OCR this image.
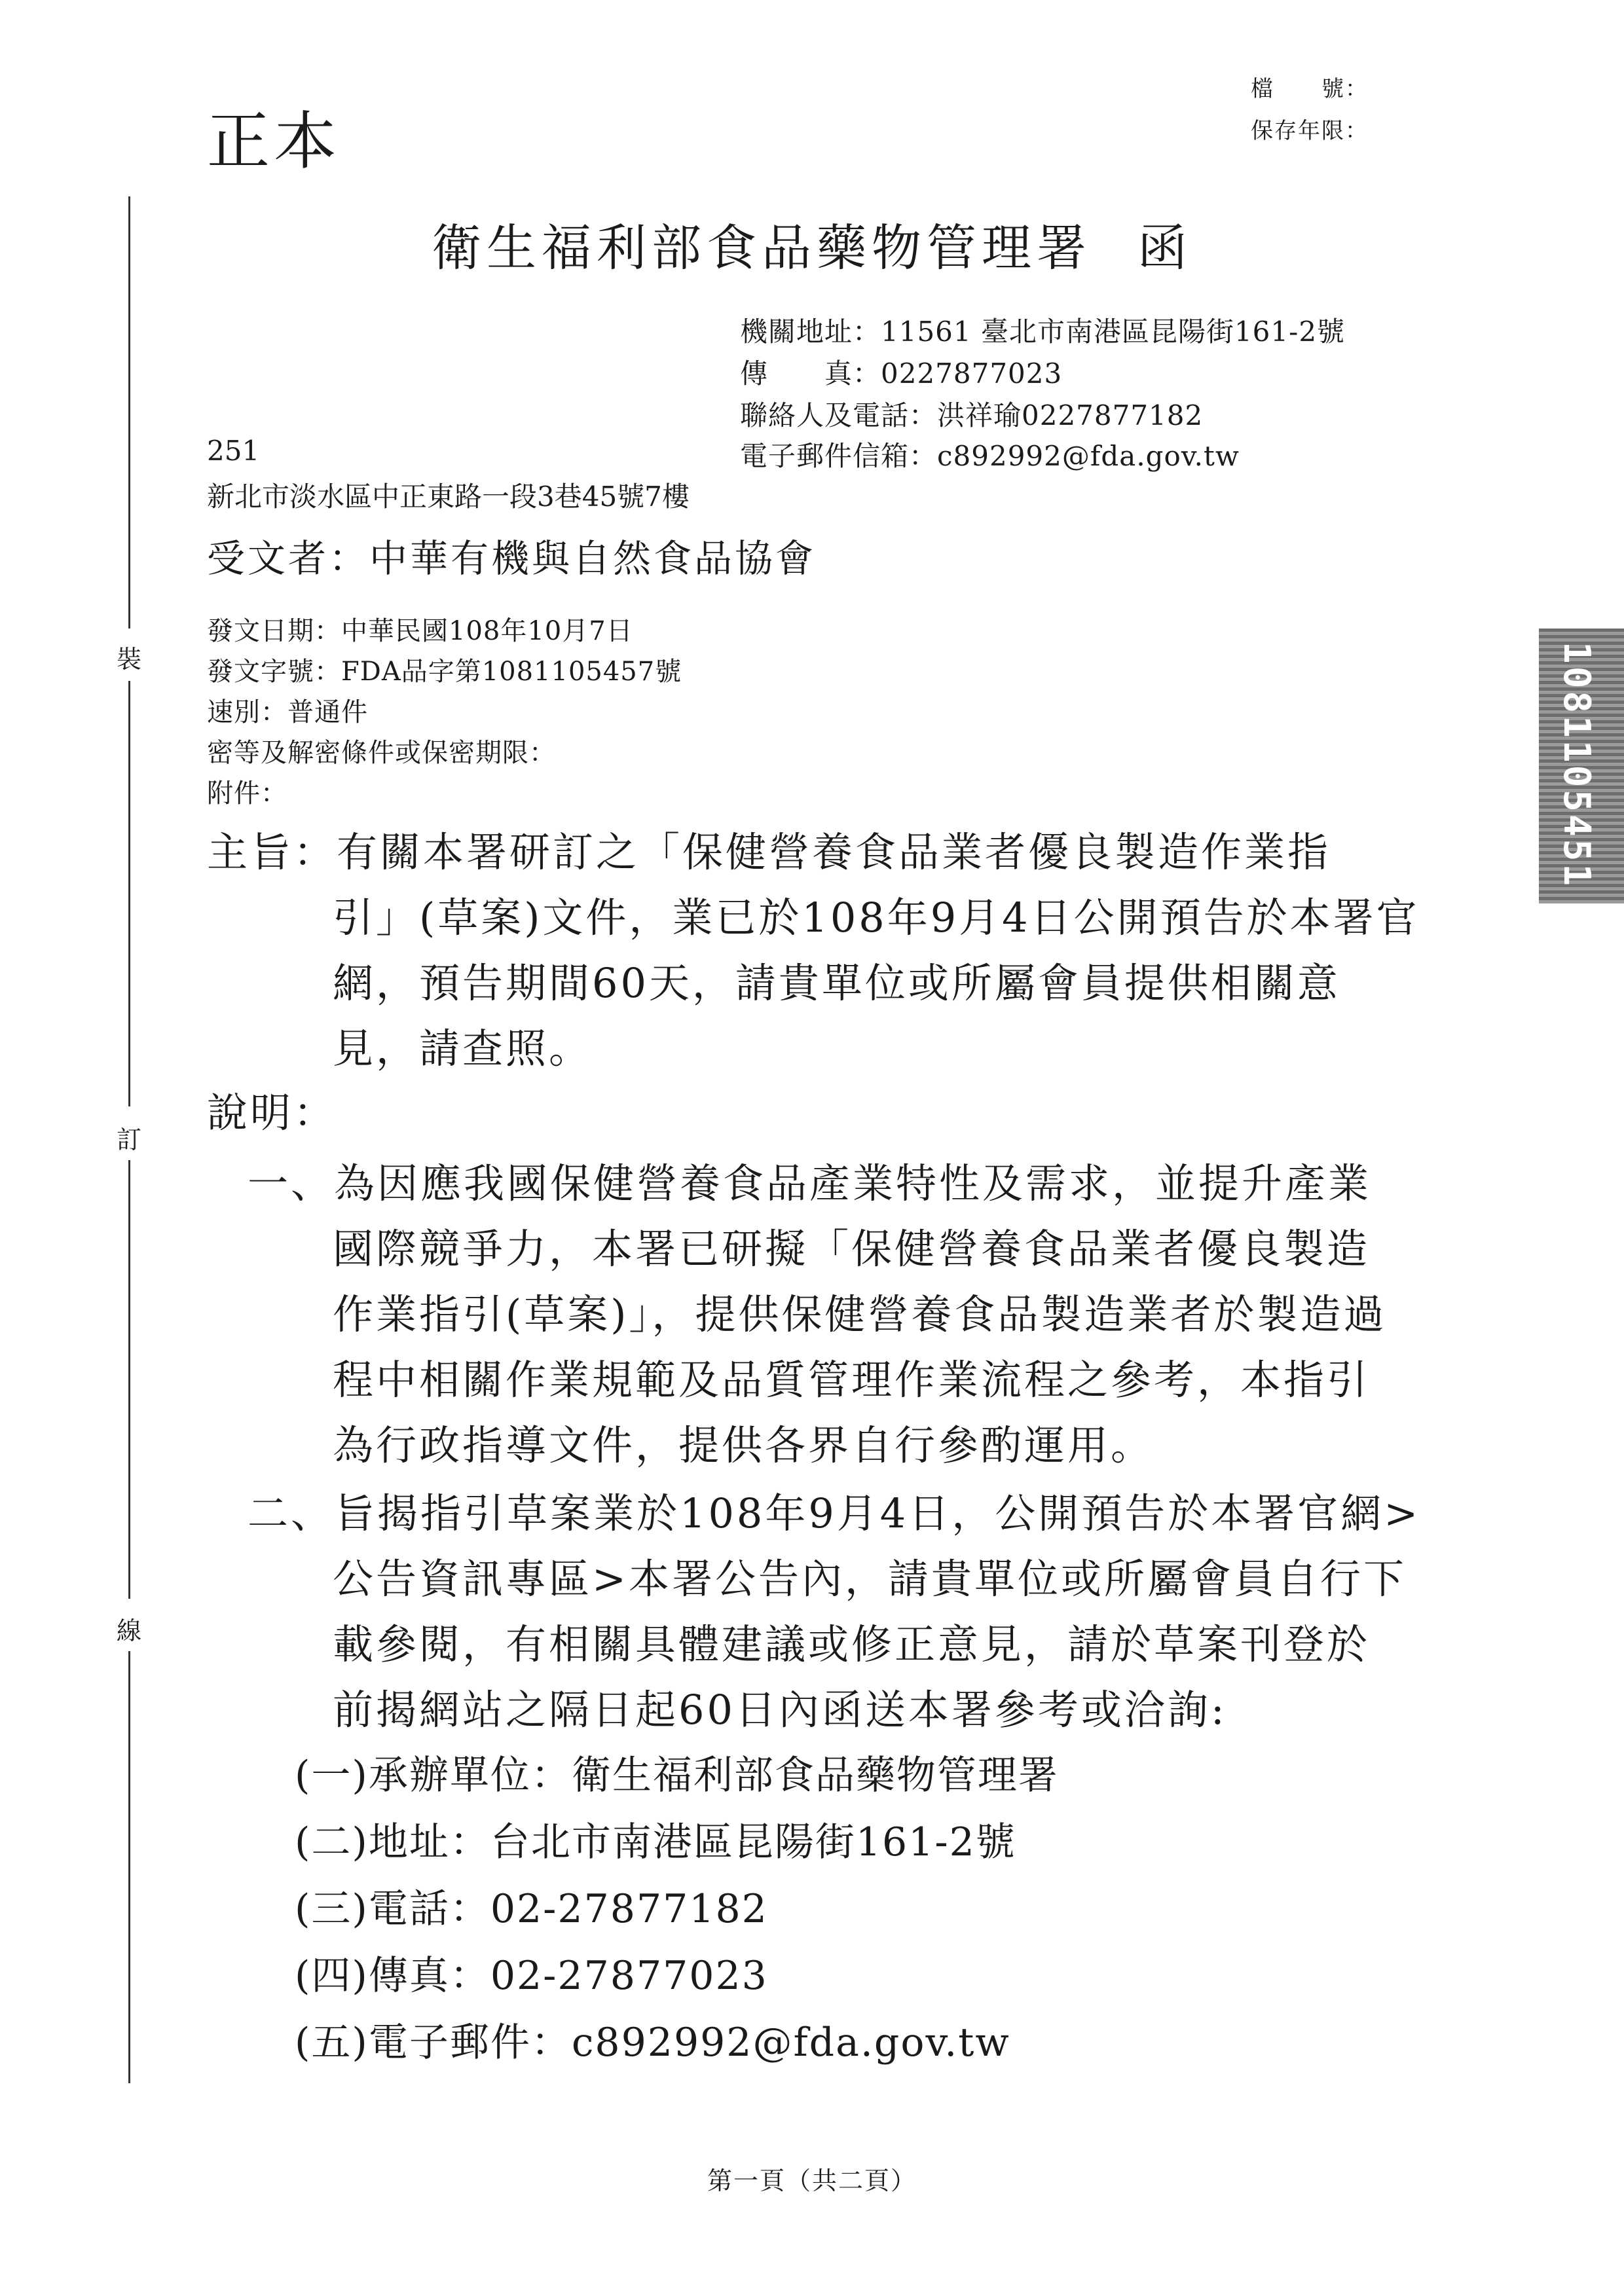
正本
檔　　號：
保存年限：
衛生福利部食品藥物管理署 函
機關地址：11561 臺北市南港區昆陽街161-2號
傳　　真：0227877023
聯絡人及電話：洪祥瑜0227877182
電子郵件信箱：c892992@fda.gov.tw
251
新北市淡水區中正東路一段3巷45號7樓
受文者：中華有機與自然食品協會
發文日期：中華民國108年10月7日
發文字號：FDA品字第1081105457號
速別：普通件
密等及解密條件或保密期限：
附件：
主旨：有關本署研訂之「保健營養食品業者優良製造作業指
引」(草案)文件，業已於108年9月4日公開預告於本署官
網，預告期間60天，請貴單位或所屬會員提供相關意
見，請查照。
說明：
一、為因應我國保健營養食品產業特性及需求，並提升產業
國際競爭力，本署已研擬「保健營養食品業者優良製造
作業指引(草案)」，提供保健營養食品製造業者於製造過
程中相關作業規範及品質管理作業流程之參考，本指引
為行政指導文件，提供各界自行參酌運用。
二、旨揭指引草案業於108年9月4日，公開預告於本署官網>
公告資訊專區>本署公告內，請貴單位或所屬會員自行下
載參閱，有相關具體建議或修正意見，請於草案刊登於
前揭網站之隔日起60日內函送本署參考或洽詢:
(一)承辦單位：衛生福利部食品藥物管理署
(二)地址：台北市南港區昆陽街161-2號
(三)電話：02-27877182
(四)傳真：02-27877023
(五)電子郵件：c892992@fda.gov.tw
裝
訂
線
1081105451
第一頁（共二頁）
